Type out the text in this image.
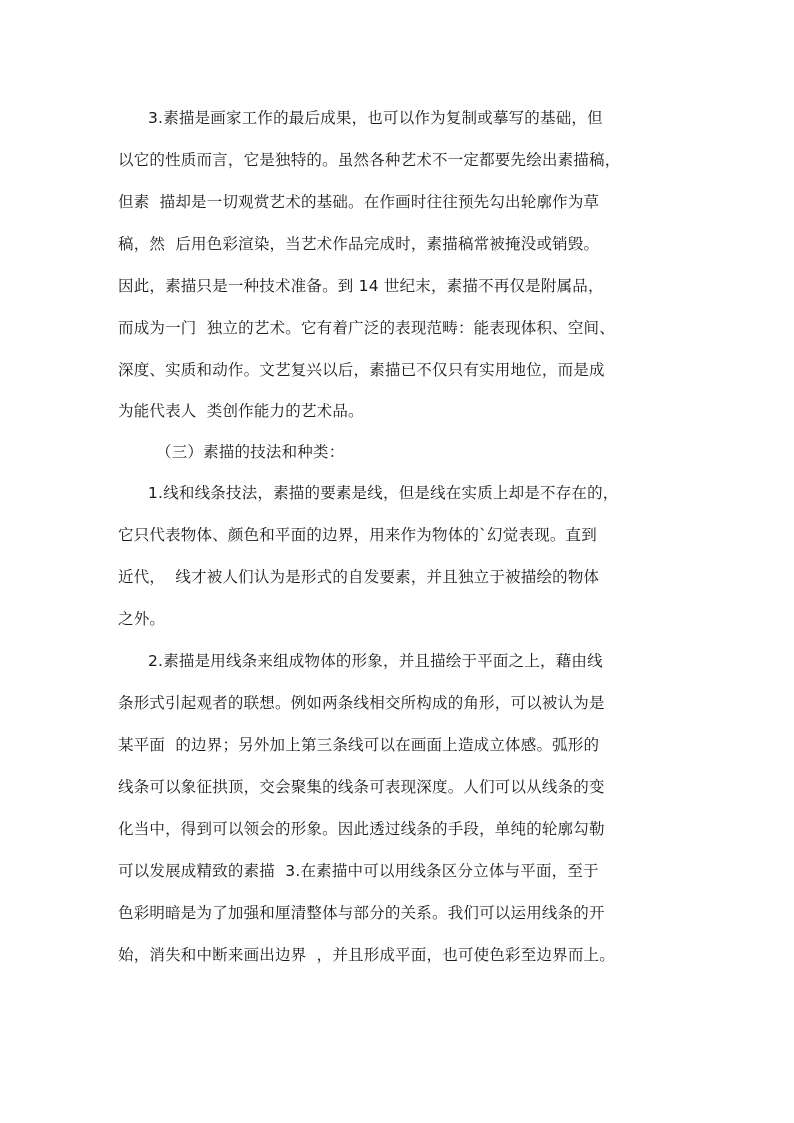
3.素描是画家工作的最后成果，也可以作为复制或摹写的基础，但
以它的性质而言，它是独特的。虽然各种艺术不一定都要先绘出素描稿，
但素  描却是一切观赏艺术的基础。在作画时往往预先勾出轮廓作为草
稿，然  后用色彩渲染，当艺术作品完成时，素描稿常被掩没或销毁。
因此，素描只是一种技术准备。到 14 世纪末，素描不再仅是附属品，
而成为一门  独立的艺术。它有着广泛的表现范畴：能表现体积、空间、
深度、实质和动作。文艺复兴以后，素描已不仅只有实用地位，而是成
为能代表人  类创作能力的艺术品。
（三）素描的技法和种类：
1.线和线条技法，素描的要素是线，但是线在实质上却是不存在的，
它只代表物体、颜色和平面的边界，用来作为物体的`幻觉表现。直到
近代，  线才被人们认为是形式的自发要素，并且独立于被描绘的物体
之外。
2.素描是用线条来组成物体的形象，并且描绘于平面之上，藉由线
条形式引起观者的联想。例如两条线相交所构成的角形，可以被认为是
某平面  的边界；另外加上第三条线可以在画面上造成立体感。弧形的
线条可以象征拱顶，交会聚集的线条可表现深度。人们可以从线条的变
化当中，得到可以领会的形象。因此透过线条的手段，单纯的轮廓勾勒
可以发展成精致的素描  3.在素描中可以用线条区分立体与平面，至于
色彩明暗是为了加强和厘清整体与部分的关系。我们可以运用线条的开
始，消失和中断来画出边界  ，并且形成平面，也可使色彩至边界而上。
